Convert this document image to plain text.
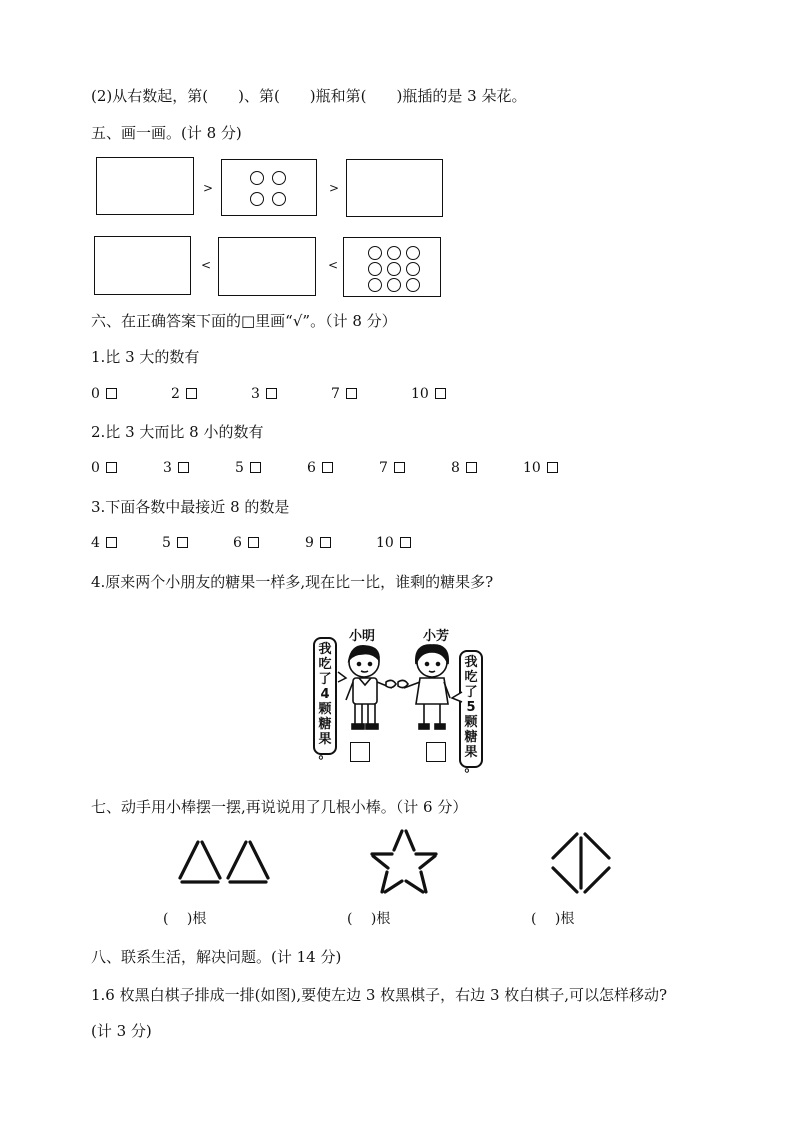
(2)从右数起，第(　　)、第(　　)瓶和第(　　)瓶插的是 3 朵花。
五、画一画。(计 8 分)
>	>
<	<
六、在正确答案下面的□里画“√”。（计 8 分）
1.比 3 大的数有
0	2	3	7	10
2.比 3 大而比 8 小的数有
0	3	5	6	7	8	10
3.下面各数中最接近 8 的数是
4	5	6	9	10
4.原来两个小朋友的糖果一样多,现在比一比，谁剩的糖果多?
小明	小芳
我
吃
了
4
颗
糖
果
。
我
吃
了
5
颗
糖
果
。
七、动手用小棒摆一摆,再说说用了几根小棒。（计 6 分）
(　 )根	(　 )根	(　 )根
八、联系生活，解决问题。(计 14 分)
1.6 枚黑白棋子排成一排(如图),要使左边 3 枚黑棋子，右边 3 枚白棋子,可以怎样移动?
(计 3 分)
